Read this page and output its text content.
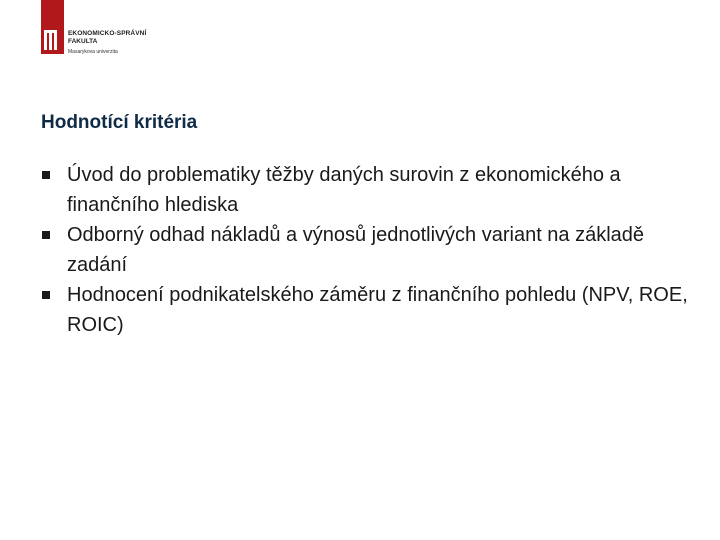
EKONOMICKO-SPRÁVNÍ
FAKULTA
Masarykova univerzita
Hodnotící kritéria
Úvod do problematiky těžby daných surovin z ekonomického a finančního hlediska
Odborný odhad nákladů a výnosů jednotlivých variant na základě zadání
Hodnocení podnikatelského záměru z finančního pohledu (NPV, ROE, ROIC)
